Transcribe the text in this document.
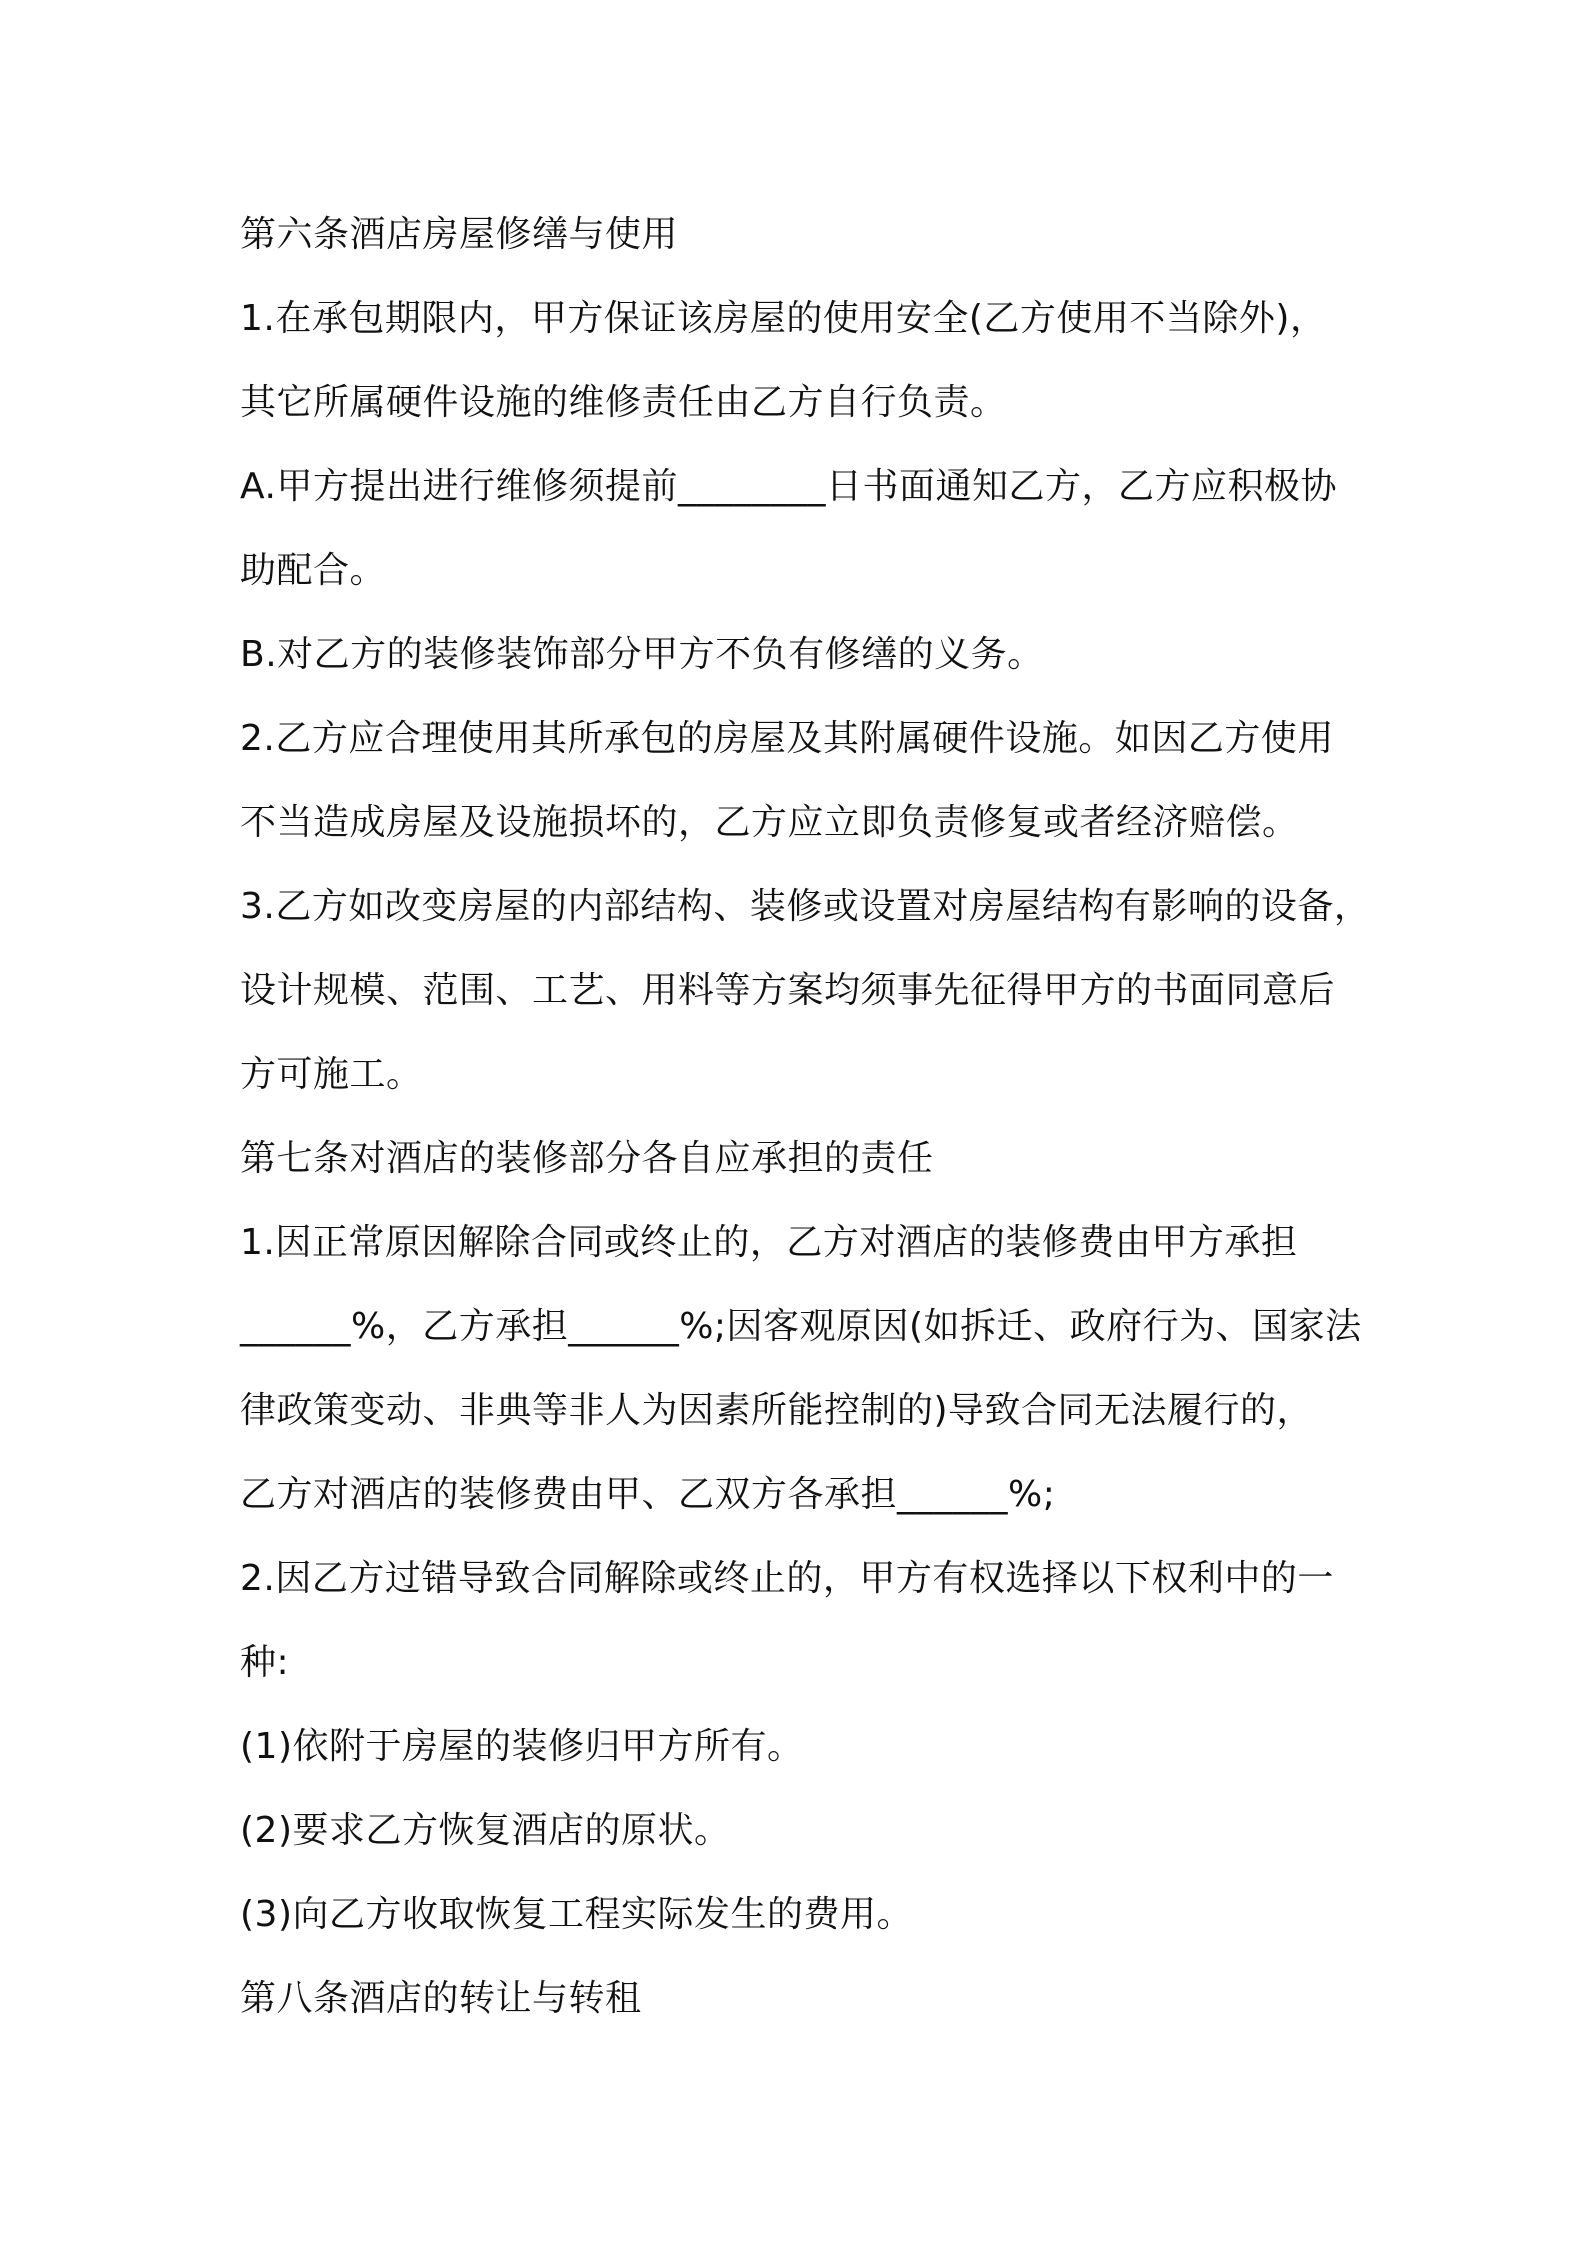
第六条酒店房屋修缮与使用

1.在承包期限内，甲方保证该房屋的使用安全(乙方使用不当除外)，

其它所属硬件设施的维修责任由乙方自行负责。

A.甲方提出进行维修须提前________日书面通知乙方，乙方应积极协

助配合。

B.对乙方的装修装饰部分甲方不负有修缮的义务。

2.乙方应合理使用其所承包的房屋及其附属硬件设施。如因乙方使用

不当造成房屋及设施损坏的，乙方应立即负责修复或者经济赔偿。

3.乙方如改变房屋的内部结构、装修或设置对房屋结构有影响的设备，

设计规模、范围、工艺、用料等方案均须事先征得甲方的书面同意后

方可施工。

第七条对酒店的装修部分各自应承担的责任

1.因正常原因解除合同或终止的，乙方对酒店的装修费由甲方承担

______%，乙方承担______%;因客观原因(如拆迁、政府行为、国家法

律政策变动、非典等非人为因素所能控制的)导致合同无法履行的，

乙方对酒店的装修费由甲、乙双方各承担______%;

2.因乙方过错导致合同解除或终止的，甲方有权选择以下权利中的一

种:

(1)依附于房屋的装修归甲方所有。

(2)要求乙方恢复酒店的原状。

(3)向乙方收取恢复工程实际发生的费用。

第八条酒店的转让与转租
